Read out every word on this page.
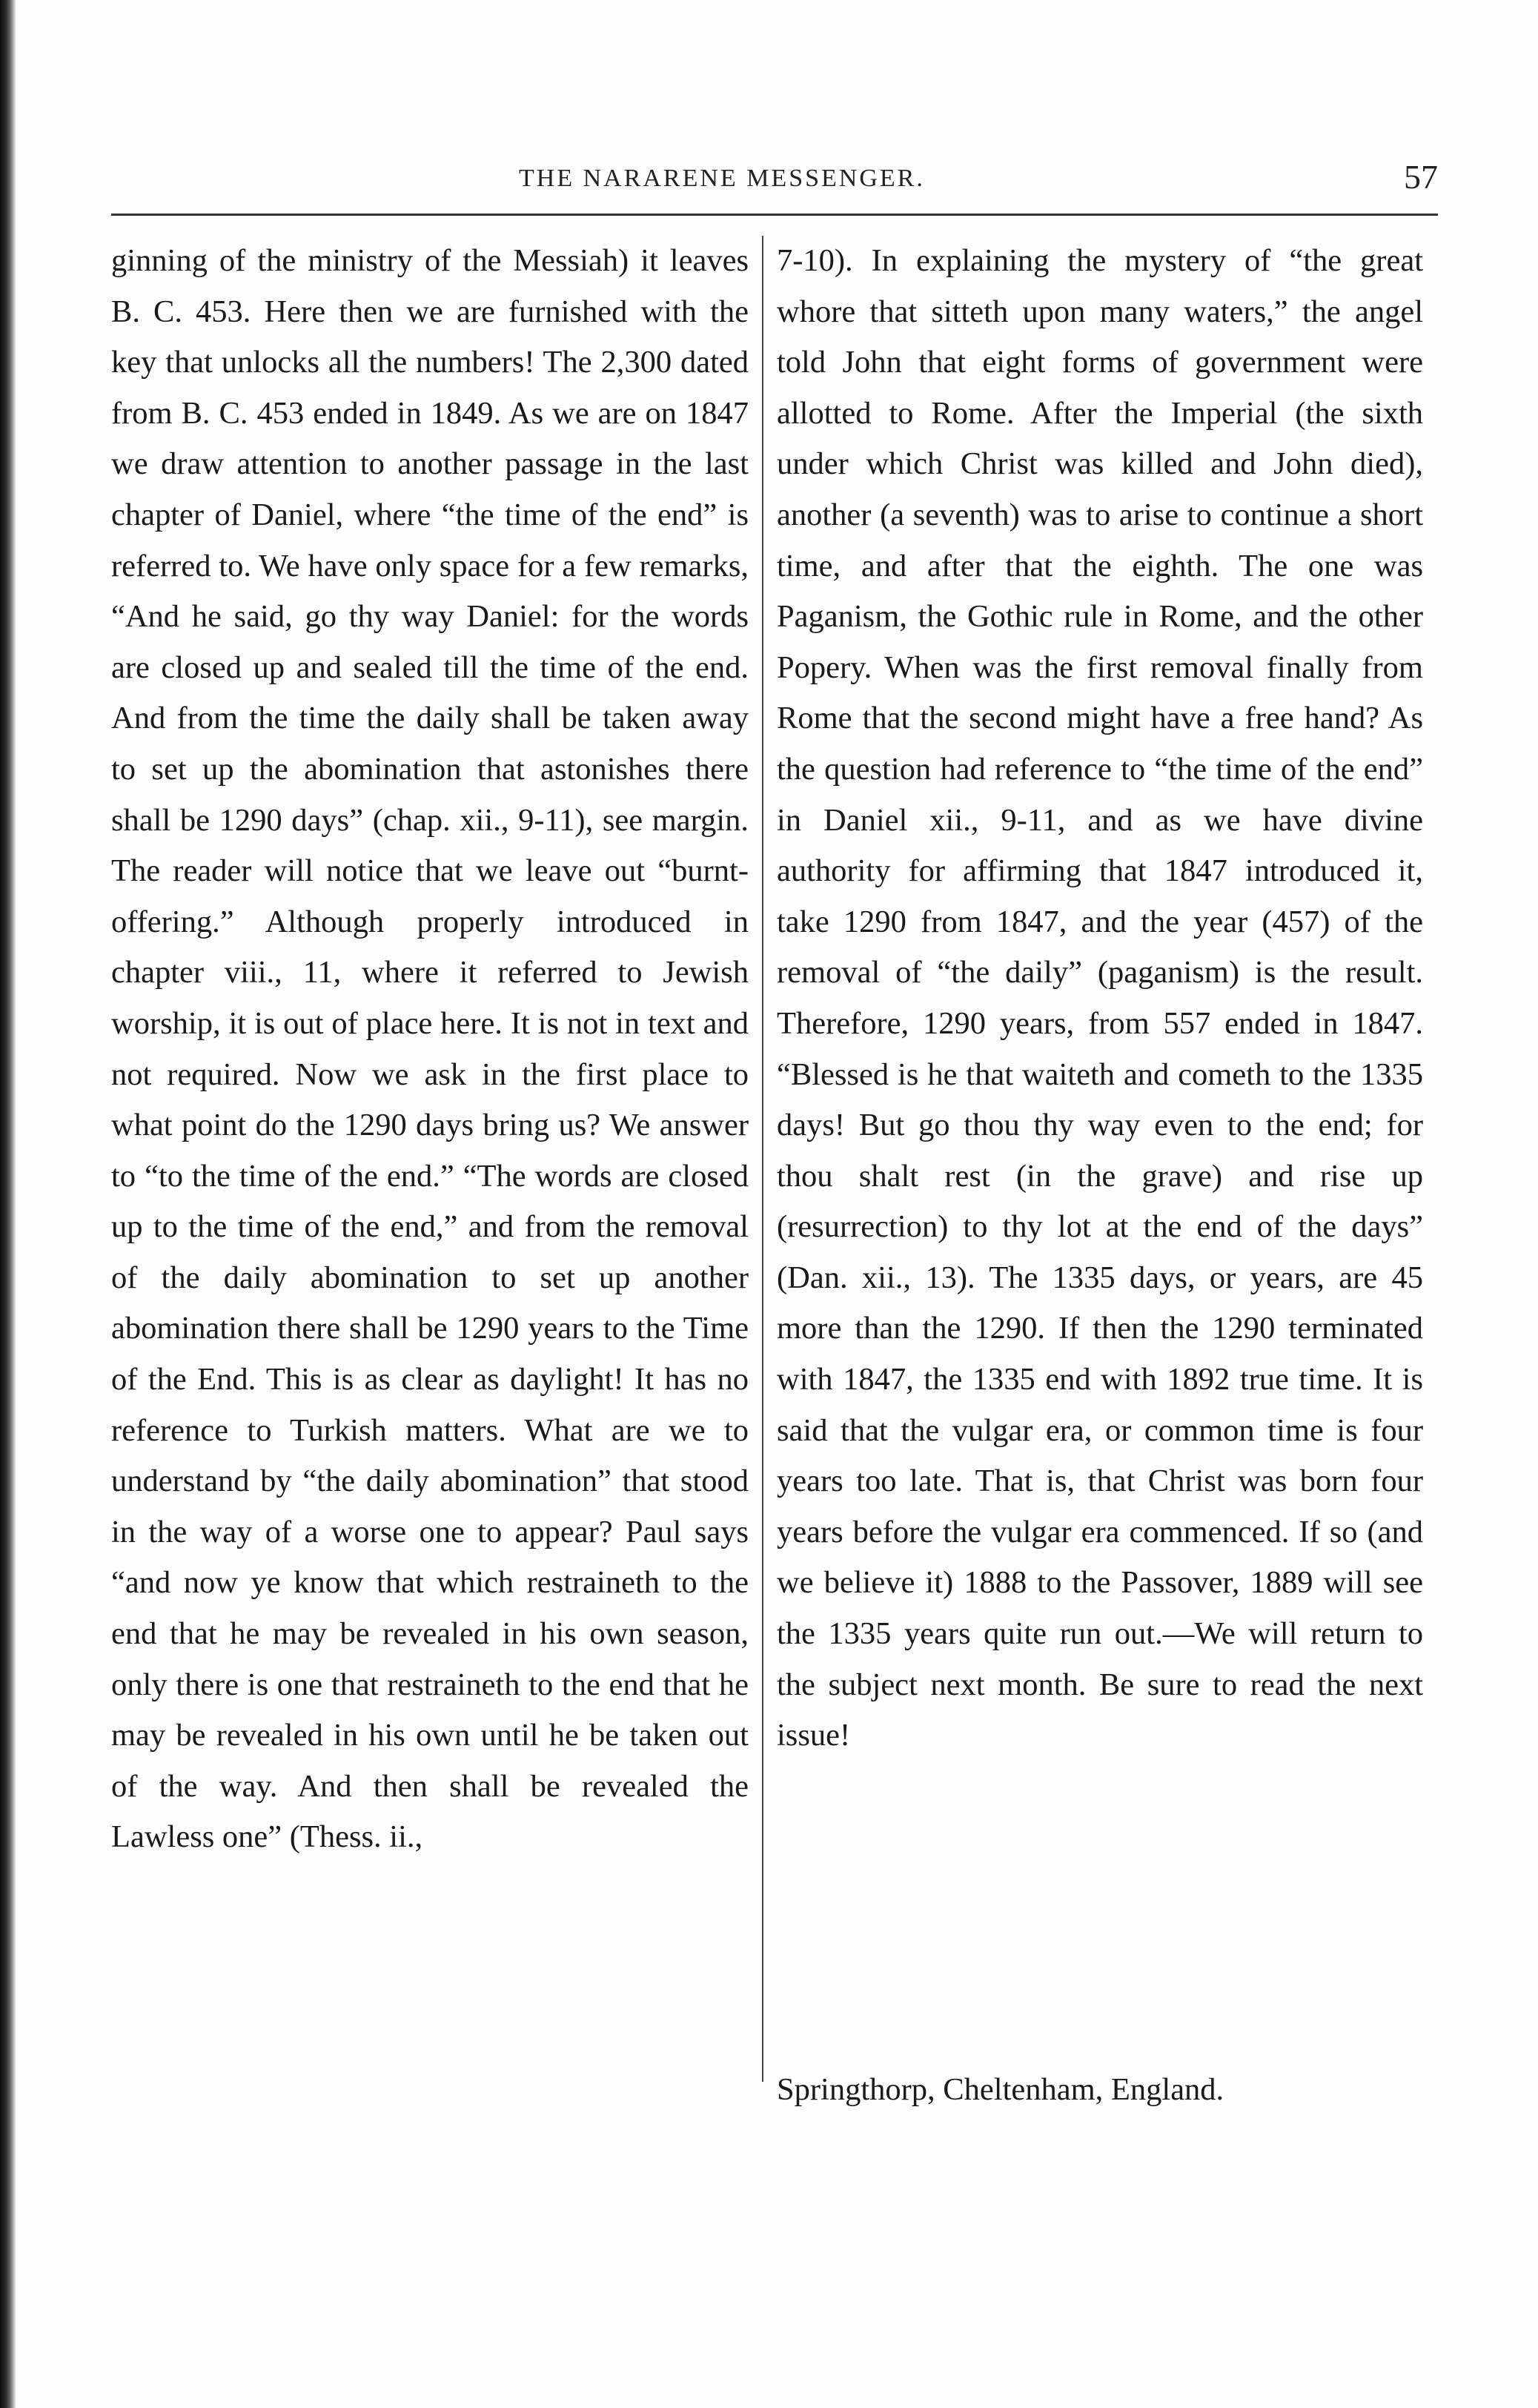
THE NARARENE MESSENGER.	57

ginning of the ministry of the Messiah) it leaves B. C. 453. Here then we are furnished with the key that unlocks all the numbers! The 2,300 dated from B. C. 453 ended in 1849. As we are on 1847 we draw attention to another passage in the last chapter of Daniel, where “the time of the end” is referred to. We have only space for a few remarks, “And he said, go thy way Daniel: for the words are closed up and sealed till the time of the end. And from the time the daily shall be taken away to set up the abomination that astonishes there shall be 1290 days” (chap. xii., 9-11), see margin. The reader will notice that we leave out “burnt-offering.” Although properly introduced in chapter viii., 11, where it referred to Jewish worship, it is out of place here. It is not in text and not required. Now we ask in the first place to what point do the 1290 days bring us? We answer to “to the time of the end.” “The words are closed up to the time of the end,” and from the removal of the daily abomination to set up another abomination there shall be 1290 years to the Time of the End. This is as clear as daylight! It has no reference to Turkish matters. What are we to understand by “the daily abomination” that stood in the way of a worse one to appear? Paul says “and now ye know that which restraineth to the end that he may be revealed in his own season, only there is one that restraineth to the end that he may be revealed in his own until he be taken out of the way. And then shall be revealed the Lawless one” (Thess. ii.,

7-10). In explaining the mystery of “the great whore that sitteth upon many waters,” the angel told John that eight forms of government were allotted to Rome. After the Imperial (the sixth under which Christ was killed and John died), another (a seventh) was to arise to continue a short time, and after that the eighth. The one was Paganism, the Gothic rule in Rome, and the other Popery. When was the first removal finally from Rome that the second might have a free hand? As the question had reference to “the time of the end” in Daniel xii., 9-11, and as we have divine authority for affirming that 1847 introduced it, take 1290 from 1847, and the year (457) of the removal of “the daily” (paganism) is the result. Therefore, 1290 years, from 557 ended in 1847. “Blessed is he that waiteth and cometh to the 1335 days! But go thou thy way even to the end; for thou shalt rest (in the grave) and rise up (resurrection) to thy lot at the end of the days” (Dan. xii., 13). The 1335 days, or years, are 45 more than the 1290. If then the 1290 terminated with 1847, the 1335 end with 1892 true time. It is said that the vulgar era, or common time is four years too late. That is, that Christ was born four years before the vulgar era commenced. If so (and we believe it) 1888 to the Passover, 1889 will see the 1335 years quite run out.—We will return to the subject next month. Be sure to read the next issue!

Springthorp, Cheltenham, England.
